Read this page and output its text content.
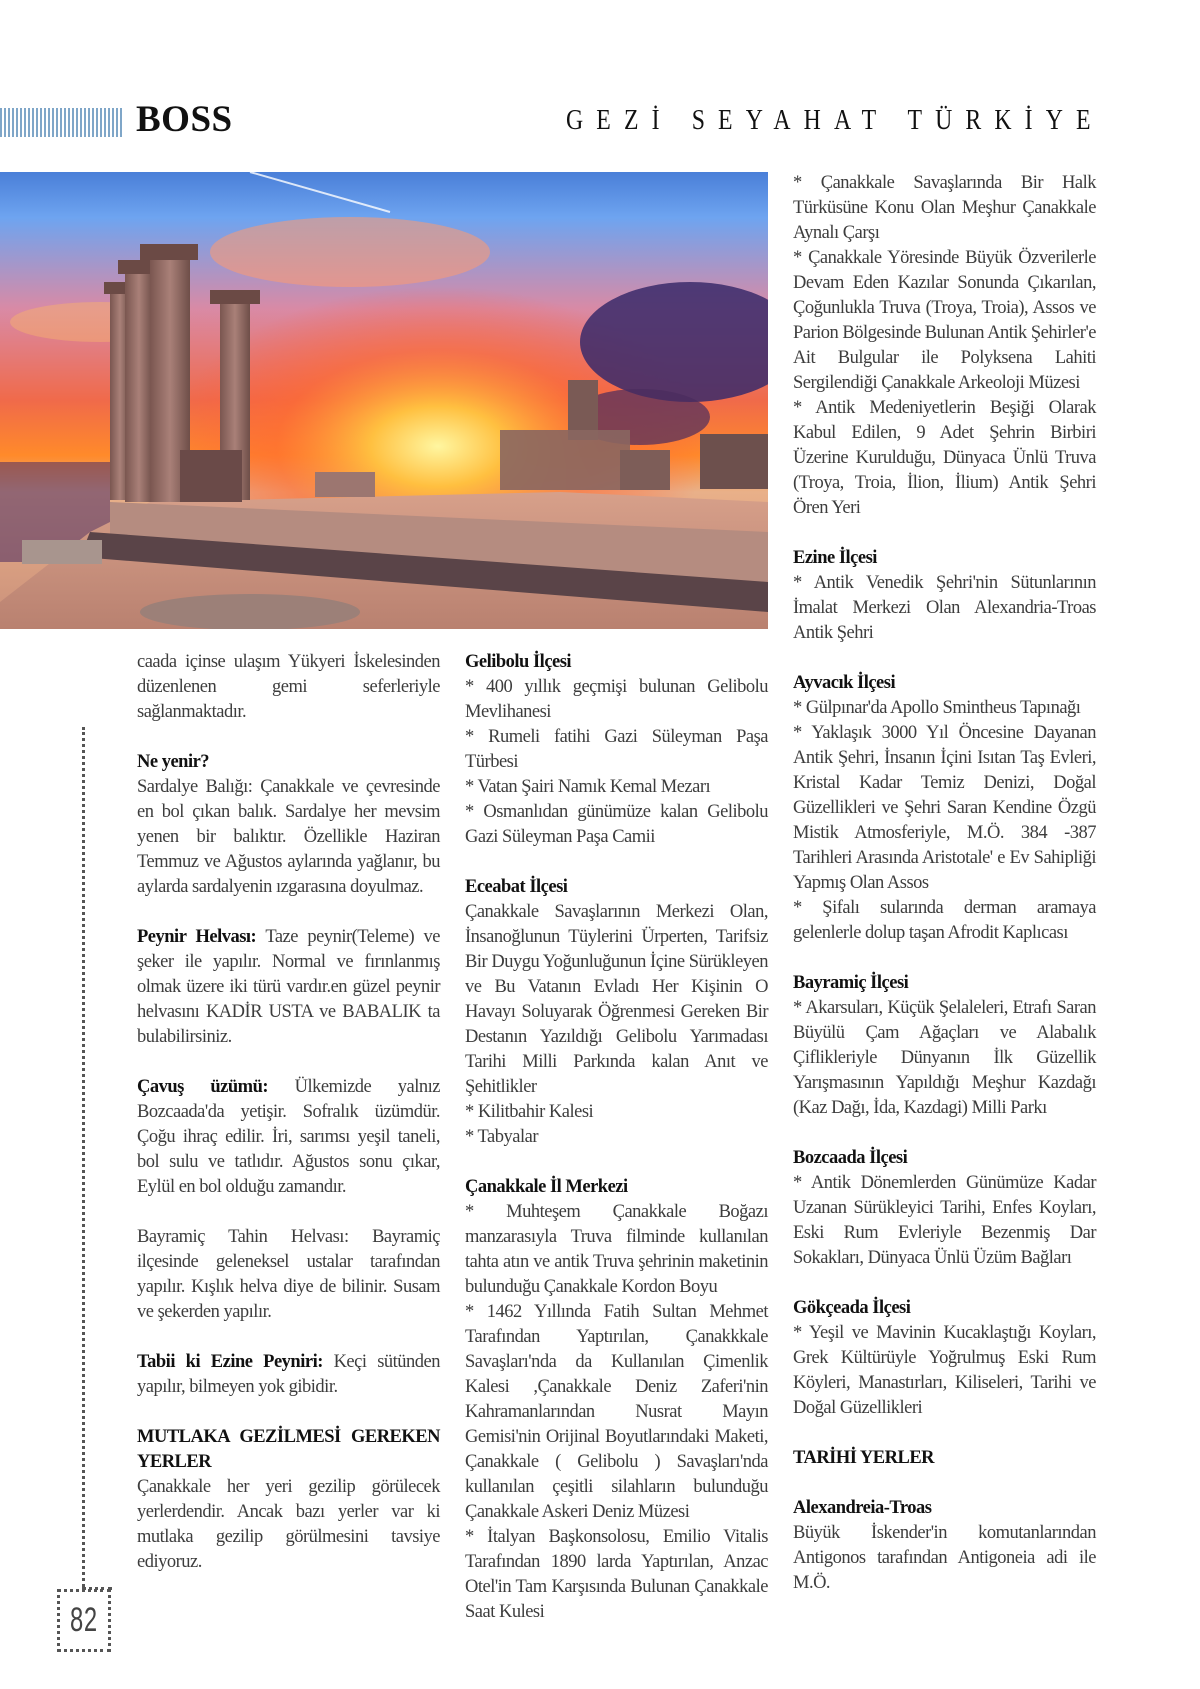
BOSS	GEZİ SEYAHAT TÜRKİYE

caada içinse ulaşım Yükyeri İskelesinden düzenlenen gemi seferleriyle sağlanmaktadır.

Ne yenir?

Sardalye Balığı: Çanakkale ve çevresinde en bol çıkan balık. Sardalye her mevsim yenen bir balıktır. Özellikle Haziran Temmuz ve Ağustos aylarında yağlanır, bu aylarda sardalyenin ızgarasına doyulmaz.

Peynir Helvası: Taze peynir(Teleme) ve şeker ile yapılır. Normal ve fırınlanmış olmak üzere iki türü vardır.en güzel peynir helvasını KADİR USTA ve BABALIK ta bulabilirsiniz.

Çavuş üzümü: Ülkemizde yalnız Bozcaada'da yetişir. Sofralık üzümdür. Çoğu ihraç edilir. İri, sarımsı yeşil taneli, bol sulu ve tatlıdır. Ağustos sonu çıkar, Eylül en bol olduğu zamandır.

Bayramiç Tahin Helvası: Bayramiç ilçesinde geleneksel ustalar tarafından yapılır. Kışlık helva diye de bilinir. Susam ve şekerden yapılır.

Tabii ki Ezine Peyniri: Keçi sütünden yapılır, bilmeyen yok gibidir.

MUTLAKA GEZİLMESİ GEREKEN YERLER

Çanakkale her yeri gezilip görülecek yerlerdendir. Ancak bazı yerler var ki mutlaka gezilip görülmesini tavsiye ediyoruz.

Gelibolu İlçesi

* 400 yıllık geçmişi bulunan Gelibolu Mevlihanesi

* Rumeli fatihi Gazi Süleyman Paşa Türbesi

* Vatan Şairi Namık Kemal Mezarı

* Osmanlıdan günümüze kalan Gelibolu Gazi Süleyman Paşa Camii

Eceabat İlçesi

Çanakkale Savaşlarının Merkezi Olan, İnsanoğlunun Tüylerini Ürperten, Tarifsiz Bir Duygu Yoğunluğunun İçine Sürükleyen ve Bu Vatanın Evladı Her Kişinin O Havayı Soluyarak Öğrenmesi Gereken Bir Destanın Yazıldığı Gelibolu Yarımadası Tarihi Milli Parkında kalan Anıt ve Şehitlikler

* Kilitbahir Kalesi

* Tabyalar

Çanakkale İl Merkezi

* Muhteşem Çanakkale Boğazı manzarasıyla Truva filminde kullanılan tahta atın ve antik Truva şehrinin maketinin bulunduğu Çanakkale Kordon Boyu

* 1462 Yıllında Fatih Sultan Mehmet Tarafından Yaptırılan, Çanakkkale Savaşları'nda da Kullanılan Çimenlik Kalesi ,Çanakkale Deniz Zaferi'nin Kahramanlarından Nusrat Mayın Gemisi'nin Orijinal Boyutlarındaki Maketi, Çanakkale ( Gelibolu ) Savaşları'nda kullanılan çeşitli silahların bulunduğu Çanakkale Askeri Deniz Müzesi

* İtalyan Başkonsolosu, Emilio Vitalis Tarafından 1890 larda Yaptırılan, Anzac Otel'in Tam Karşısında Bulunan Çanakkale Saat Kulesi

* Çanakkale Savaşlarında Bir Halk Türküsüne Konu Olan Meşhur Çanakkale Aynalı Çarşı

* Çanakkale Yöresinde Büyük Özverilerle Devam Eden Kazılar Sonunda Çıkarılan, Çoğunlukla Truva (Troya, Troia), Assos ve Parion Bölgesinde Bulunan Antik Şehirler'e Ait Bulgular ile Polyksena Lahiti Sergilendiği Çanakkale Arkeoloji Müzesi

* Antik Medeniyetlerin Beşiği Olarak Kabul Edilen, 9 Adet Şehrin Birbiri Üzerine Kurulduğu, Dünyaca Ünlü Truva (Troya, Troia, İlion, İlium) Antik Şehri Ören Yeri

Ezine İlçesi

* Antik Venedik Şehri'nin Sütunlarının İmalat Merkezi Olan Alexandria-Troas Antik Şehri

Ayvacık İlçesi

* Gülpınar'da Apollo Smintheus Tapınağı

* Yaklaşık 3000 Yıl Öncesine Dayanan Antik Şehri, İnsanın İçini Isıtan Taş Evleri, Kristal Kadar Temiz Denizi, Doğal Güzellikleri ve Şehri Saran Kendine Özgü Mistik Atmosferiyle, M.Ö. 384 -387 Tarihleri Arasında Aristotale' e Ev Sahipliği Yapmış Olan Assos

* Şifalı sularında derman aramaya gelenlerle dolup taşan Afrodit Kaplıcası

Bayramiç İlçesi

* Akarsuları, Küçük Şelaleleri, Etrafı Saran Büyülü Çam Ağaçları ve Alabalık Çiflikleriyle Dünyanın İlk Güzellik Yarışmasının Yapıldığı Meşhur Kazdağı (Kaz Dağı, İda, Kazdagi) Milli Parkı

Bozcaada İlçesi

* Antik Dönemlerden Günümüze Kadar Uzanan Sürükleyici Tarihi, Enfes Koyları, Eski Rum Evleriyle Bezenmiş Dar Sokakları, Dünyaca Ünlü Üzüm Bağları

Gökçeada İlçesi

* Yeşil ve Mavinin Kucaklaştığı Koyları, Grek Kültürüyle Yoğrulmuş Eski Rum Köyleri, Manastırları, Kiliseleri, Tarihi ve Doğal Güzellikleri

TARİHİ YERLER
Alexandreia-Troas

Büyük İskender'in komutanlarından Antigonos tarafından Antigoneia adi ile M.Ö.

82
